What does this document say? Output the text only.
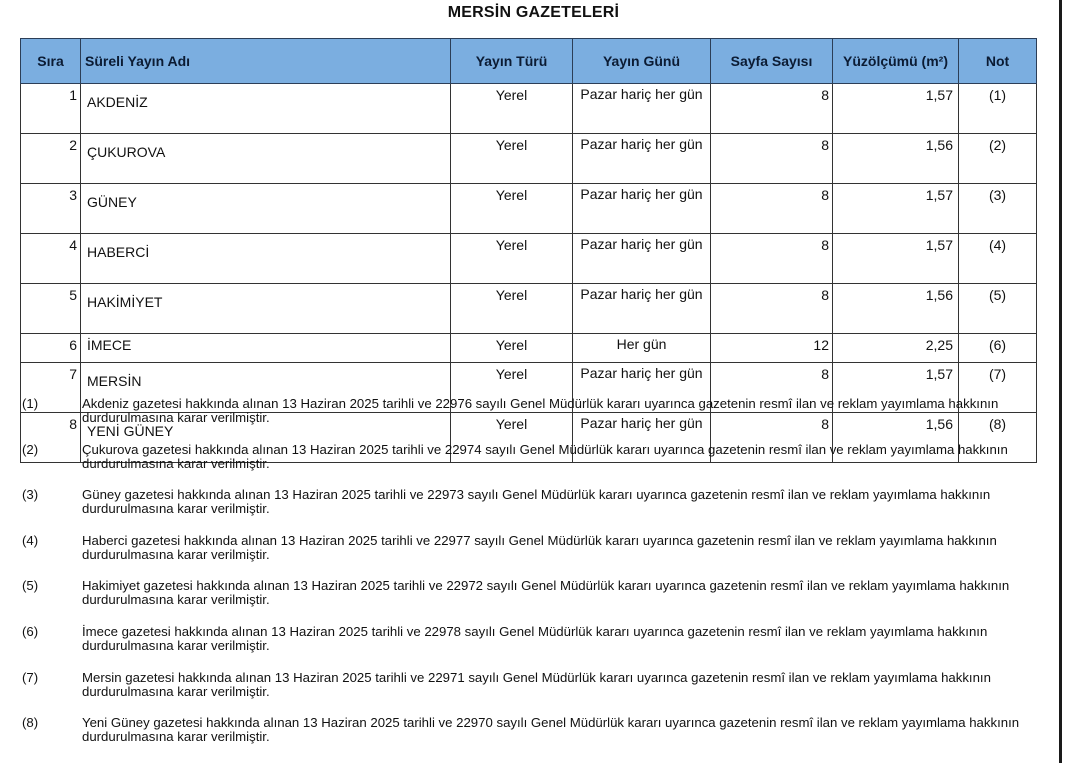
MERSİN GAZETELERİ
Sıra	Süreli Yayın Adı	Yayın Türü	Yayın Günü	Sayfa Sayısı	Yüzölçümü (m²)	Not
1	AKDENİZ	Yerel	Pazar hariç her gün	8	1,57	(1)
2	ÇUKUROVA	Yerel	Pazar hariç her gün	8	1,56	(2)
3	GÜNEY	Yerel	Pazar hariç her gün	8	1,57	(3)
4	HABERCİ	Yerel	Pazar hariç her gün	8	1,57	(4)
5	HAKİMİYET	Yerel	Pazar hariç her gün	8	1,56	(5)
6	İMECE	Yerel	Her gün	12	2,25	(6)
7	MERSİN	Yerel	Pazar hariç her gün	8	1,57	(7)
8	YENİ GÜNEY	Yerel	Pazar hariç her gün	8	1,56	(8)
(1)	Akdeniz gazetesi hakkında alınan 13 Haziran 2025 tarihli ve 22976 sayılı Genel Müdürlük kararı uyarınca gazetenin resmî ilan ve reklam yayımlama hakkının durdurulmasına karar verilmiştir.
(2)	Çukurova gazetesi hakkında alınan 13 Haziran 2025 tarihli ve 22974 sayılı Genel Müdürlük kararı uyarınca gazetenin resmî ilan ve reklam yayımlama hakkının durdurulmasına karar verilmiştir.
(3)	Güney gazetesi hakkında alınan 13 Haziran 2025 tarihli ve 22973 sayılı Genel Müdürlük kararı uyarınca gazetenin resmî ilan ve reklam yayımlama hakkının durdurulmasına karar verilmiştir.
(4)	Haberci gazetesi hakkında alınan 13 Haziran 2025 tarihli ve 22977 sayılı Genel Müdürlük kararı uyarınca gazetenin resmî ilan ve reklam yayımlama hakkının durdurulmasına karar verilmiştir.
(5)	Hakimiyet gazetesi hakkında alınan 13 Haziran 2025 tarihli ve 22972 sayılı Genel Müdürlük kararı uyarınca gazetenin resmî ilan ve reklam yayımlama hakkının durdurulmasına karar verilmiştir.
(6)	İmece gazetesi hakkında alınan 13 Haziran 2025 tarihli ve 22978 sayılı Genel Müdürlük kararı uyarınca gazetenin resmî ilan ve reklam yayımlama hakkının durdurulmasına karar verilmiştir.
(7)	Mersin gazetesi hakkında alınan 13 Haziran 2025 tarihli ve 22971 sayılı Genel Müdürlük kararı uyarınca gazetenin resmî ilan ve reklam yayımlama hakkının durdurulmasına karar verilmiştir.
(8)	Yeni Güney gazetesi hakkında alınan 13 Haziran 2025 tarihli ve 22970 sayılı Genel Müdürlük kararı uyarınca gazetenin resmî ilan ve reklam yayımlama hakkının durdurulmasına karar verilmiştir.
